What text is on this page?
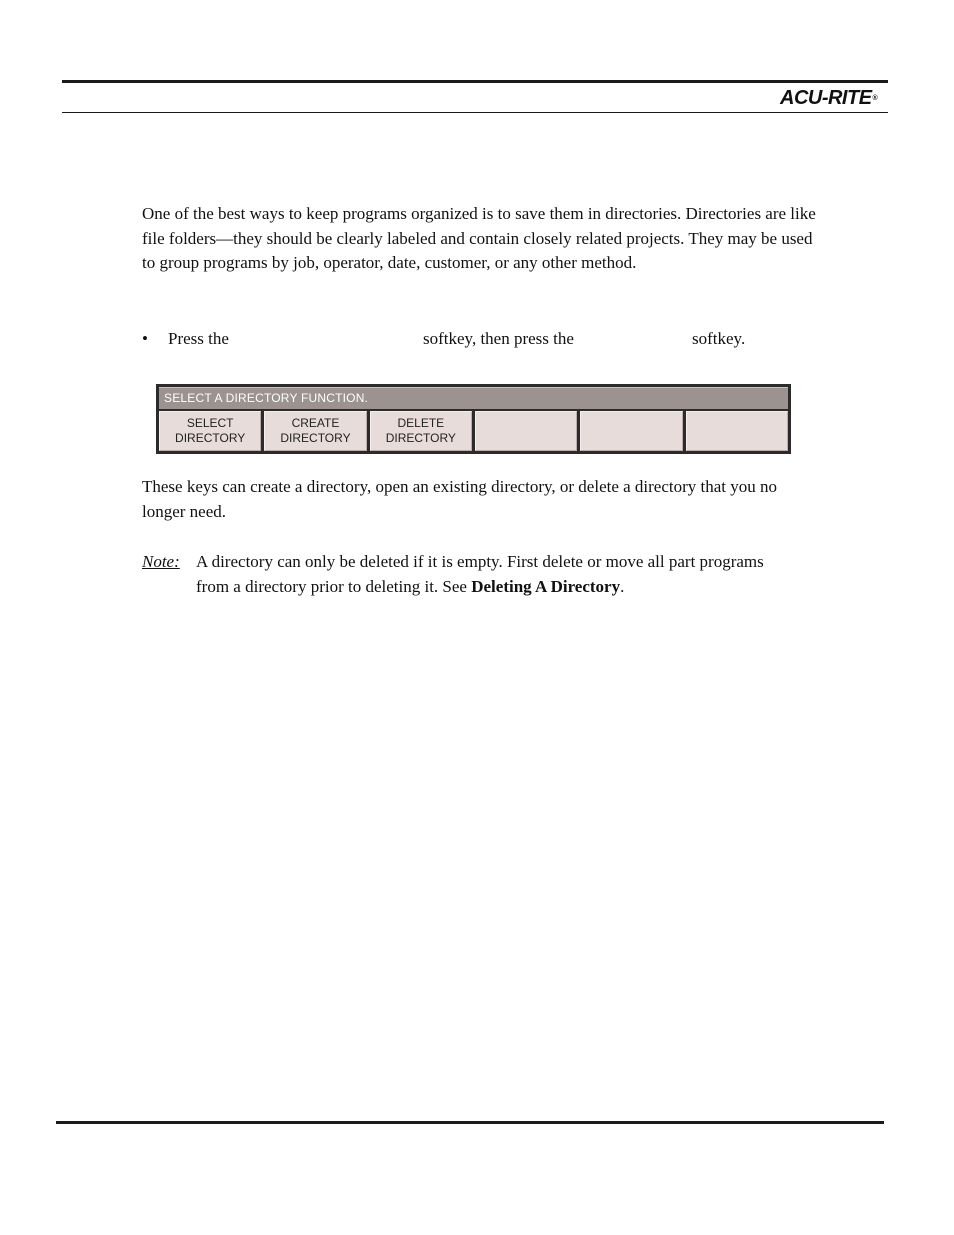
ACU-RITE®
One of the best ways to keep programs organized is to save them in directories. Directories are like file folders—they should be clearly labeled and contain closely related projects. They may be used to group programs by job, operator, date, customer, or any other method.
• Press the	softkey, then press the	softkey.
SELECT A DIRECTORY FUNCTION.
SELECT
DIRECTORY
CREATE
DIRECTORY
DELETE
DIRECTORY
These keys can create a directory, open an existing directory, or delete a directory that you no longer need.
Note: A directory can only be deleted if it is empty. First delete or move all part programs from a directory prior to deleting it. See Deleting A Directory.
